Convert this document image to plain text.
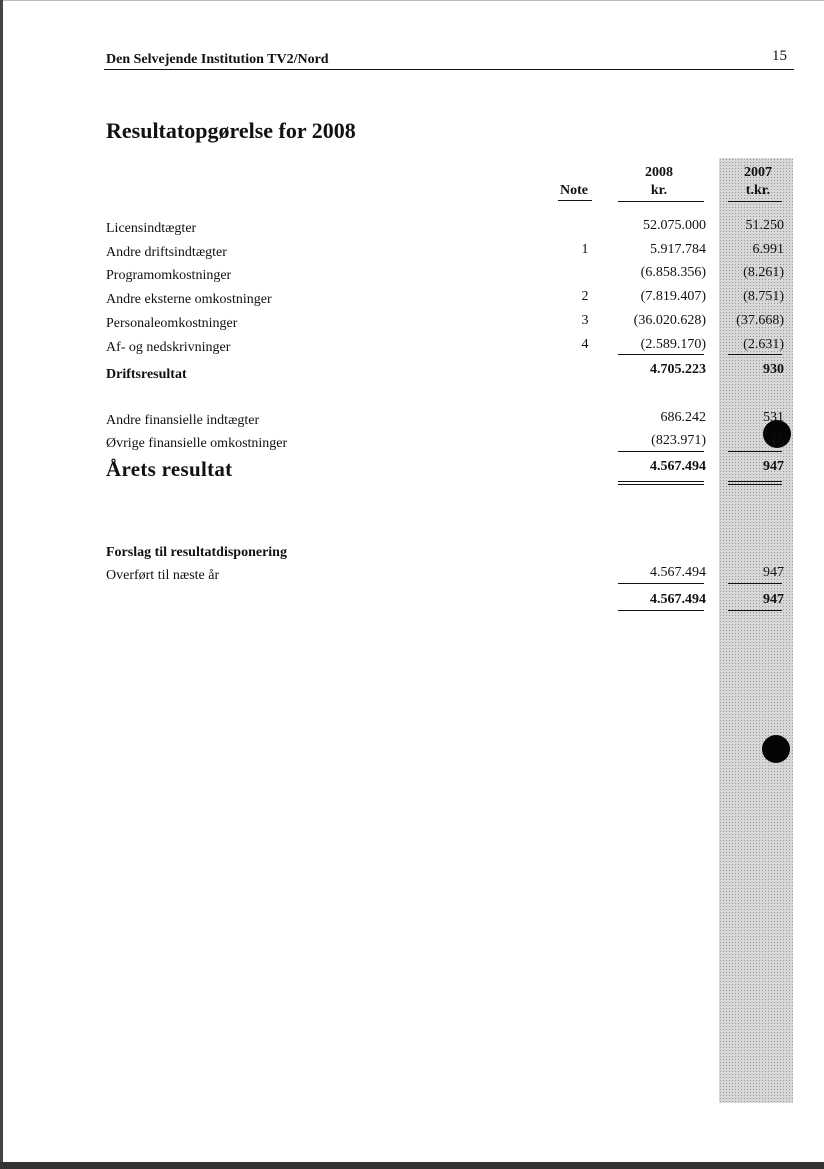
Den Selvejende Institution TV2/Nord	15
Resultatopgørelse for 2008
Note
2008
kr.
2007
t.kr.
Licensindtægter	52.075.000	51.250
Andre driftsindtægter	1	5.917.784	6.991
Programomkostninger	(6.858.356)	(8.261)
Andre eksterne omkostninger	2	(7.819.407)	(8.751)
Personaleomkostninger	3	(36.020.628) (37.668)
Af- og nedskrivninger	4	(2.589.170)	(2.631)
Driftsresultat	4.705.223	930
Andre finansielle indtægter	686.242	531
Øvrige finansielle omkostninger	(823.971)	(5
Årets resultat	4.567.494	947
Forslag til resultatdisponering
Overført til næste år	4.567.494	947
4.567.494	947
